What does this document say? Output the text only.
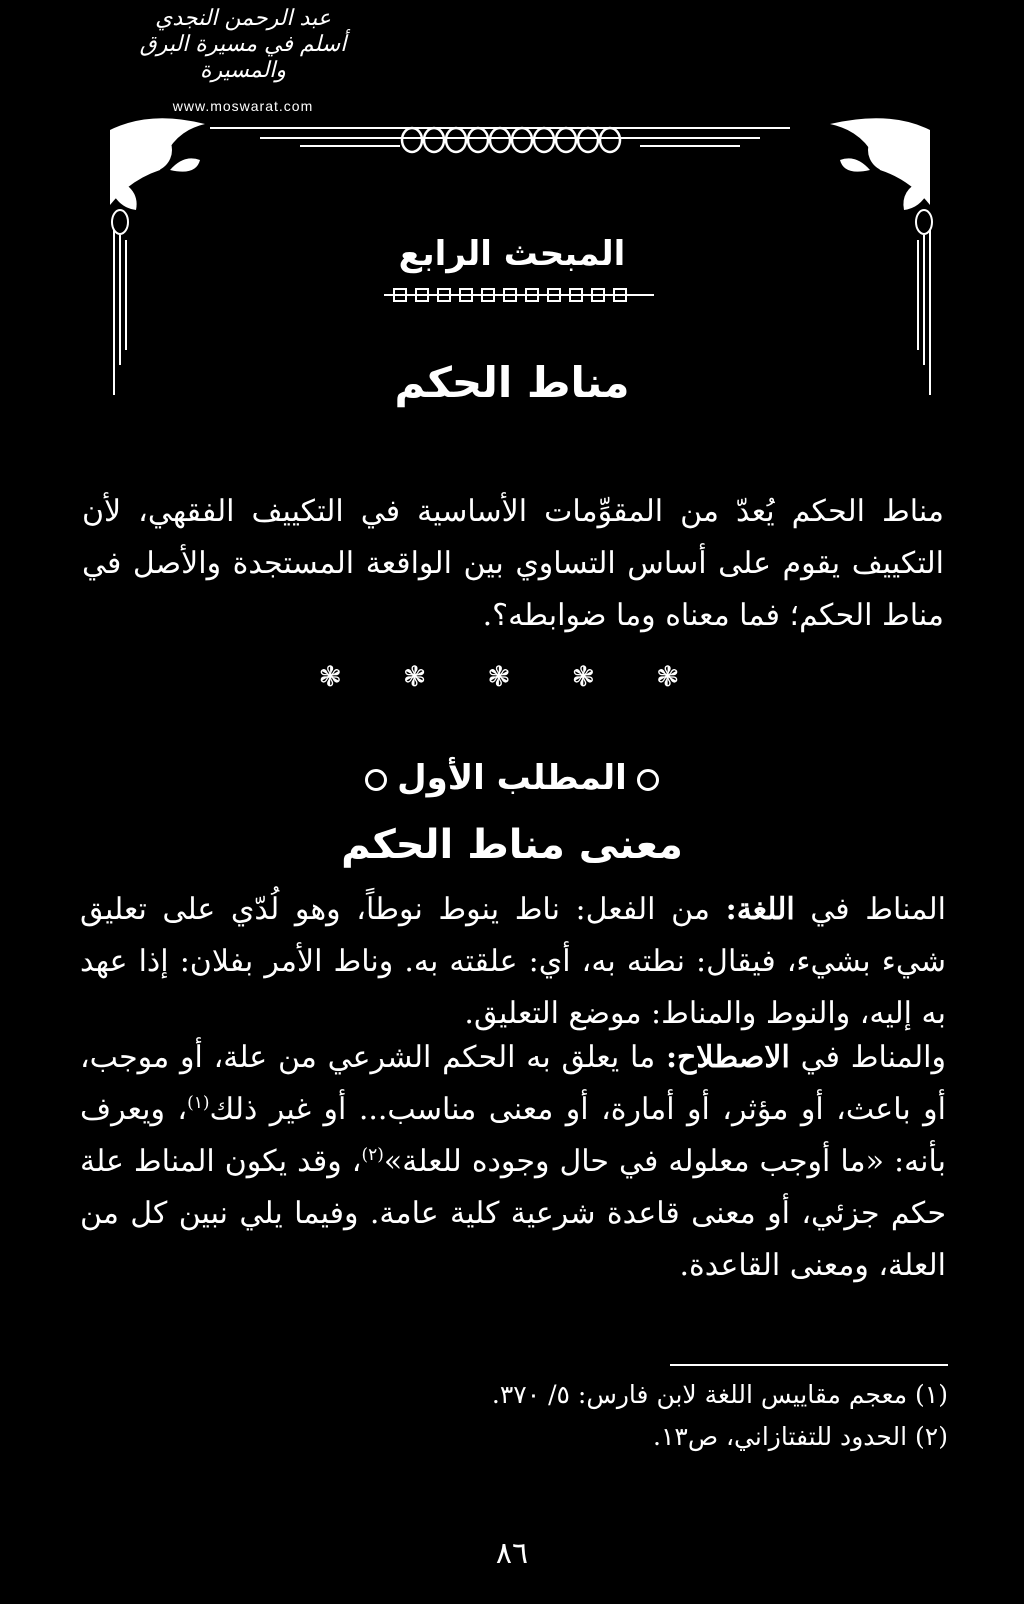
عبد الرحمن النجدي أسلم في مسيرة البرق والمسيرة
www.moswarat.com
المبحث الرابع
مناط الحكم
مناط الحكم يُعدّ من المقوِّمات الأساسية في التكييف الفقهي، لأن التكييف يقوم على أساس التساوي بين الواقعة المستجدة والأصل في مناط الحكم؛ فما معناه وما ضوابطه؟.
❃ ❃ ❃ ❃ ❃
المطلب الأول
معنى مناط الحكم
المناط في اللغة: من الفعل: ناط ينوط نوطاً، وهو لُدّي على تعليق شيء بشيء، فيقال: نطته به، أي: علقته به. وناط الأمر بفلان: إذا عهد به إليه، والنوط والمناط: موضع التعليق.
والمناط في الاصطلاح: ما يعلق به الحكم الشرعي من علة، أو موجب، أو باعث، أو مؤثر، أو أمارة، أو معنى مناسب... أو غير ذلك$^{(١)}$، ويعرف بأنه: «ما أوجب معلوله في حال وجوده للعلة»$^{(٢)}$، وقد يكون المناط علة حكم جزئي، أو معنى قاعدة شرعية كلية عامة. وفيما يلي نبين كل من العلة، ومعنى القاعدة.
(١) معجم مقاييس اللغة لابن فارس: ٥/ ٣٧٠.
(٢) الحدود للتفتازاني، ص١٣.
٨٦
